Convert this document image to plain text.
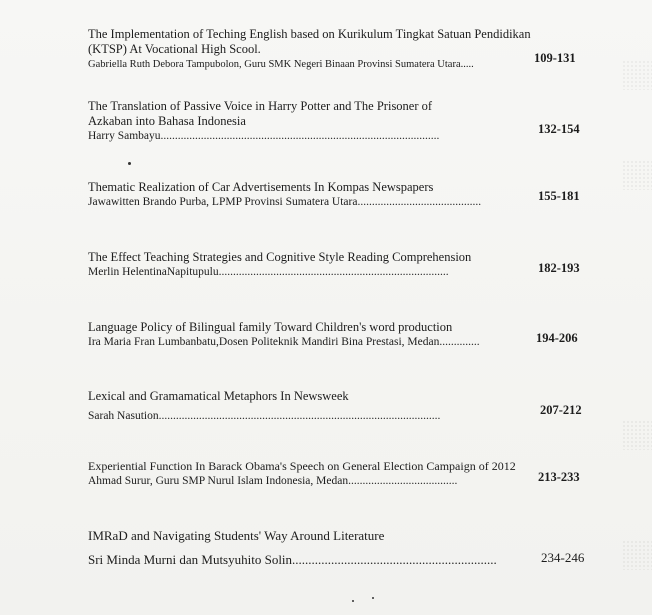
The Implementation of Teching English based on Kurikulum Tingkat Satuan Pendidikan
(KTSP) At Vocational High Scool.
Gabriella Ruth Debora Tampubolon, Guru SMK Negeri Binaan Provinsi Sumatera Utara.....	109-131
The Translation of Passive Voice in Harry Potter and The Prisoner of
Azkaban into Bahasa Indonesia
Harry Sambayu.................................................................................................	132-154
Thematic Realization of Car Advertisements In Kompas Newspapers
Jawawitten Brando Purba, LPMP Provinsi Sumatera Utara...........................................	155-181
The Effect Teaching Strategies and Cognitive Style Reading Comprehension
Merlin HelentinaNapitupulu................................................................................	182-193
Language Policy of Bilingual family Toward Children's word production
Ira Maria Fran Lumbanbatu,Dosen Politeknik Mandiri Bina Prestasi, Medan..............	194-206
Lexical and Gramamatical Metaphors In Newsweek
Sarah Nasution..................................................................................................	207-212
Experiential Function In Barack Obama's Speech on General Election Campaign of 2012
Ahmad Surur, Guru SMP Nurul Islam Indonesia, Medan......................................	213-233
IMRaD and Navigating Students' Way Around Literature
Sri Minda Murni dan Mutsyuhito Solin...............................................................	234-246
